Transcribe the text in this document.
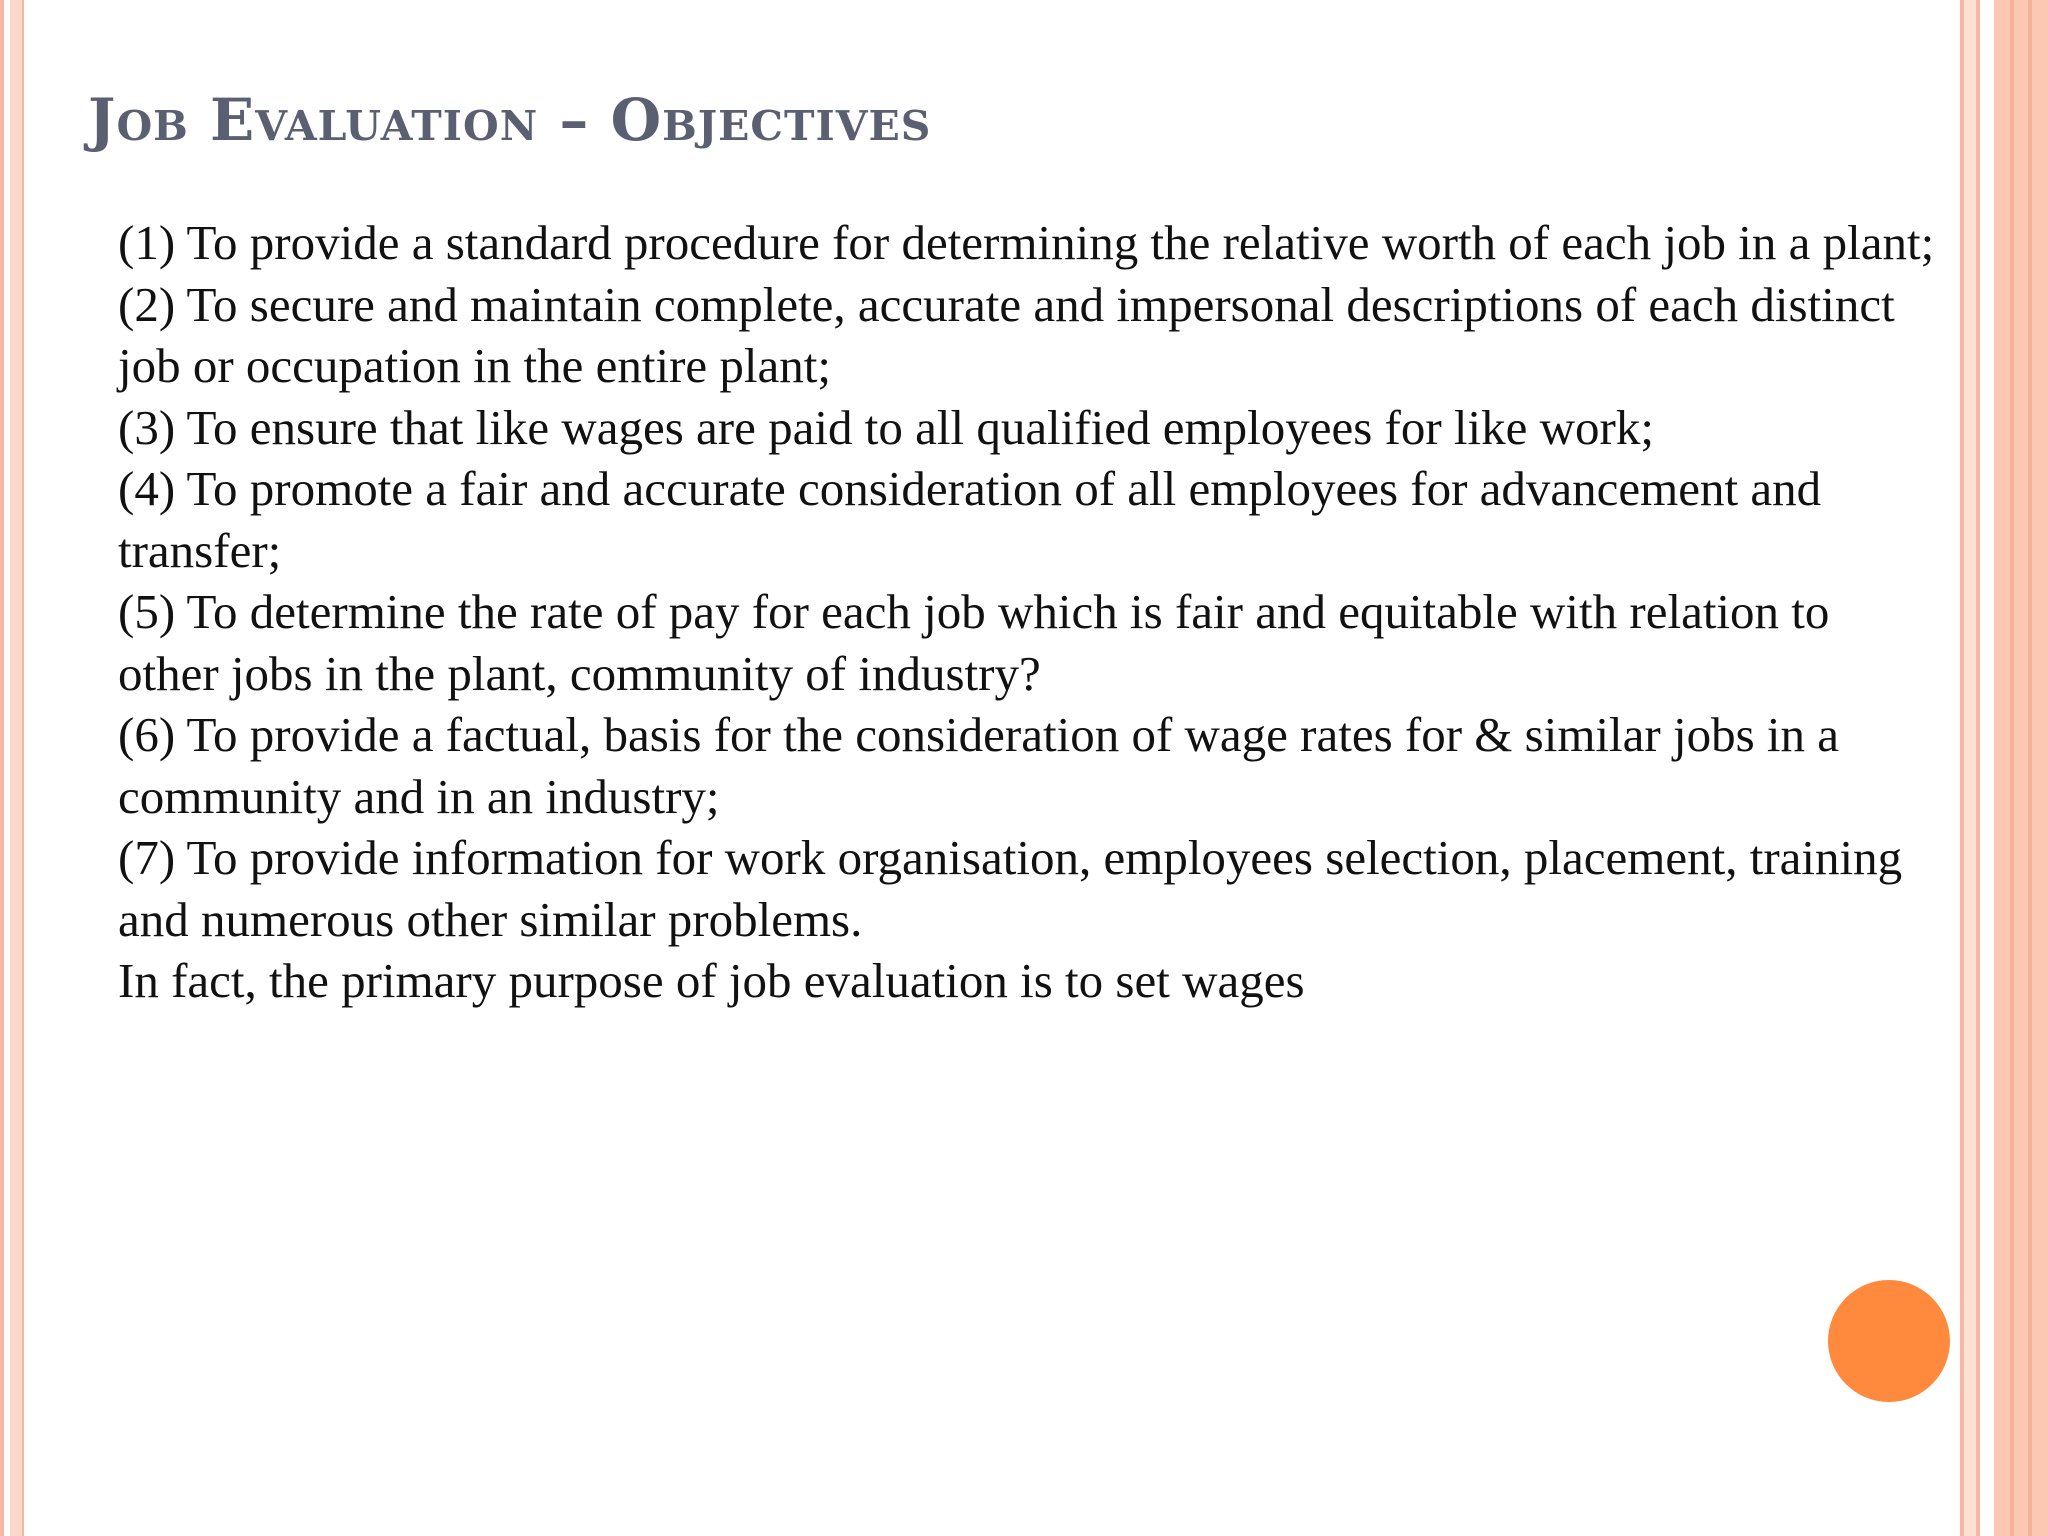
Job Evaluation – Objectives

(1) To provide a standard procedure for determining the relative worth of each job in a plant;

(2) To secure and maintain complete, accurate and impersonal descriptions of each distinct job or occupation in the entire plant;

(3) To ensure that like wages are paid to all qualified employees for like work;

(4) To promote a fair and accurate consideration of all employees for advancement and transfer;

(5) To determine the rate of pay for each job which is fair and equitable with relation to other jobs in the plant, community of industry?

(6) To provide a factual, basis for the consideration of wage rates for & similar jobs in a community and in an industry;

(7) To provide information for work organisation, employees selection, placement, training and numerous other similar problems.

In fact, the primary purpose of job evaluation is to set wages
